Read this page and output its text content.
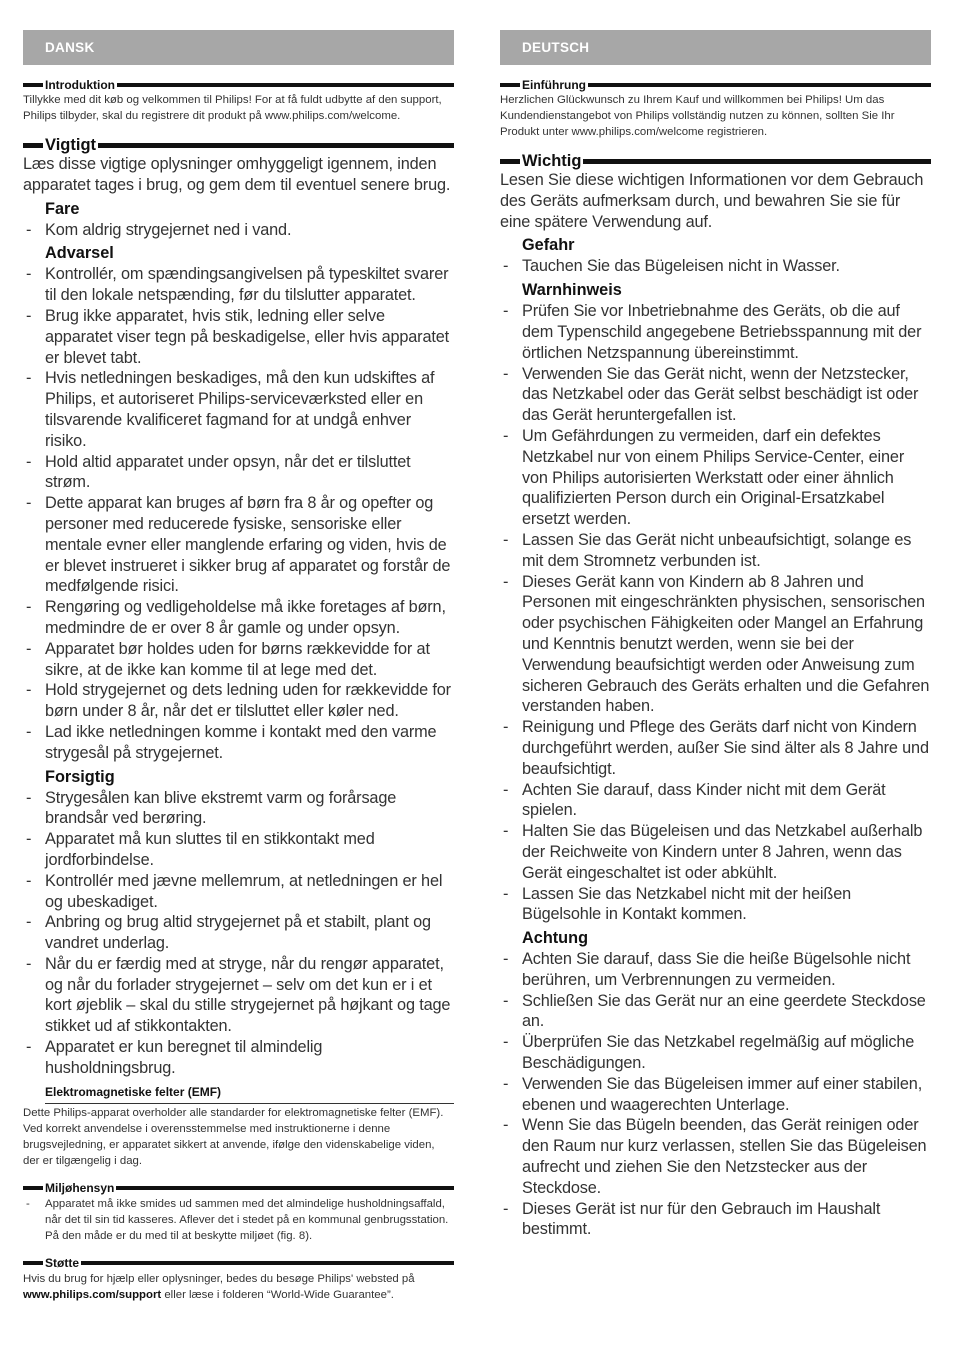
DANSK
Introduktion

Tillykke med dit køb og velkommen til Philips! For at få fuldt udbytte af den support, Philips tilbyder, skal du registrere dit produkt på www.philips.com/welcome.

Vigtigt

Læs disse vigtige oplysninger omhyggeligt igennem, inden apparatet tages i brug, og gem dem til eventuel senere brug.

Fare
- Kom aldrig strygejernet ned i vand.
Advarsel
- Kontrollér, om spændingsangivelsen på typeskiltet svarer til den lokale netspænding, før du tilslutter apparatet.
- Brug ikke apparatet, hvis stik, ledning eller selve apparatet viser tegn på beskadigelse, eller hvis apparatet er blevet tabt.
- Hvis netledningen beskadiges, må den kun udskiftes af Philips, et autoriseret Philips-serviceværksted eller en tilsvarende kvalificeret fagmand for at undgå enhver risiko.
- Hold altid apparatet under opsyn, når det er tilsluttet strøm.
- Dette apparat kan bruges af børn fra 8 år og opefter og personer med reducerede fysiske, sensoriske eller mentale evner eller manglende erfaring og viden, hvis de er blevet instrueret i sikker brug af apparatet og forstår de medfølgende risici.
- Rengøring og vedligeholdelse må ikke foretages af børn, medmindre de er over 8 år gamle og under opsyn.
- Apparatet bør holdes uden for børns rækkevidde for at sikre, at de ikke kan komme til at lege med det.
- Hold strygejernet og dets ledning uden for rækkevidde for børn under 8 år, når det er tilsluttet eller køler ned.
- Lad ikke netledningen komme i kontakt med den varme strygesål på strygejernet.
Forsigtig
- Strygesålen kan blive ekstremt varm og forårsage brandsår ved berøring.
- Apparatet må kun sluttes til en stikkontakt med jordforbindelse.
- Kontrollér med jævne mellemrum, at netledningen er hel og ubeskadiget.
- Anbring og brug altid strygejernet på et stabilt, plant og vandret underlag.
- Når du er færdig med at stryge, når du rengør apparatet, og når du forlader strygejernet – selv om det kun er i et kort øjeblik – skal du stille strygejernet på højkant og tage stikket ud af stikkontakten.
- Apparatet er kun beregnet til almindelig husholdningsbrug.
Elektromagnetiske felter (EMF)

Dette Philips-apparat overholder alle standarder for elektromagnetiske felter (EMF). Ved korrekt anvendelse i overensstemmelse med instruktionerne i denne brugsvejledning, er apparatet sikkert at anvende, ifølge den videnskabelige viden, der er tilgængelig i dag.

Miljøhensyn
- Apparatet må ikke smides ud sammen med det almindelige husholdningsaffald, når det til sin tid kasseres. Aflever det i stedet på en kommunal genbrugsstation. På den måde er du med til at beskytte miljøet (fig. 8).
Støtte

Hvis du brug for hjælp eller oplysninger, bedes du besøge Philips' websted på www.philips.com/support eller læse i folderen “World-Wide Guarantee”.

DEUTSCH
Einführung

Herzlichen Glückwunsch zu Ihrem Kauf und willkommen bei Philips! Um das Kundendienstangebot von Philips vollständig nutzen zu können, sollten Sie Ihr Produkt unter www.philips.com/welcome registrieren.

Wichtig

Lesen Sie diese wichtigen Informationen vor dem Gebrauch des Geräts aufmerksam durch, und bewahren Sie sie für eine spätere Verwendung auf.

Gefahr
- Tauchen Sie das Bügeleisen nicht in Wasser.
Warnhinweis
- Prüfen Sie vor Inbetriebnahme des Geräts, ob die auf dem Typenschild angegebene Betriebsspannung mit der örtlichen Netzspannung übereinstimmt.
- Verwenden Sie das Gerät nicht, wenn der Netzstecker, das Netzkabel oder das Gerät selbst beschädigt ist oder das Gerät heruntergefallen ist.
- Um Gefährdungen zu vermeiden, darf ein defektes Netzkabel nur von einem Philips Service-Center, einer von Philips autorisierten Werkstatt oder einer ähnlich qualifizierten Person durch ein Original-Ersatzkabel ersetzt werden.
- Lassen Sie das Gerät nicht unbeaufsichtigt, solange es mit dem Stromnetz verbunden ist.
- Dieses Gerät kann von Kindern ab 8 Jahren und Personen mit eingeschränkten physischen, sensorischen oder psychischen Fähigkeiten oder Mangel an Erfahrung und Kenntnis benutzt werden, wenn sie bei der Verwendung beaufsichtigt werden oder Anweisung zum sicheren Gebrauch des Geräts erhalten und die Gefahren verstanden haben.
- Reinigung und Pflege des Geräts darf nicht von Kindern durchgeführt werden, außer Sie sind älter als 8 Jahre und beaufsichtigt.
- Achten Sie darauf, dass Kinder nicht mit dem Gerät spielen.
- Halten Sie das Bügeleisen und das Netzkabel außerhalb der Reichweite von Kindern unter 8 Jahren, wenn das Gerät eingeschaltet ist oder abkühlt.
- Lassen Sie das Netzkabel nicht mit der heißen Bügelsohle in Kontakt kommen.
Achtung
- Achten Sie darauf, dass Sie die heiße Bügelsohle nicht berühren, um Verbrennungen zu vermeiden.
- Schließen Sie das Gerät nur an eine geerdete Steckdose an.
- Überprüfen Sie das Netzkabel regelmäßig auf mögliche Beschädigungen.
- Verwenden Sie das Bügeleisen immer auf einer stabilen, ebenen und waagerechten Unterlage.
- Wenn Sie das Bügeln beenden, das Gerät reinigen oder den Raum nur kurz verlassen, stellen Sie das Bügeleisen aufrecht und ziehen Sie den Netzstecker aus der Steckdose.
- Dieses Gerät ist nur für den Gebrauch im Haushalt bestimmt.
